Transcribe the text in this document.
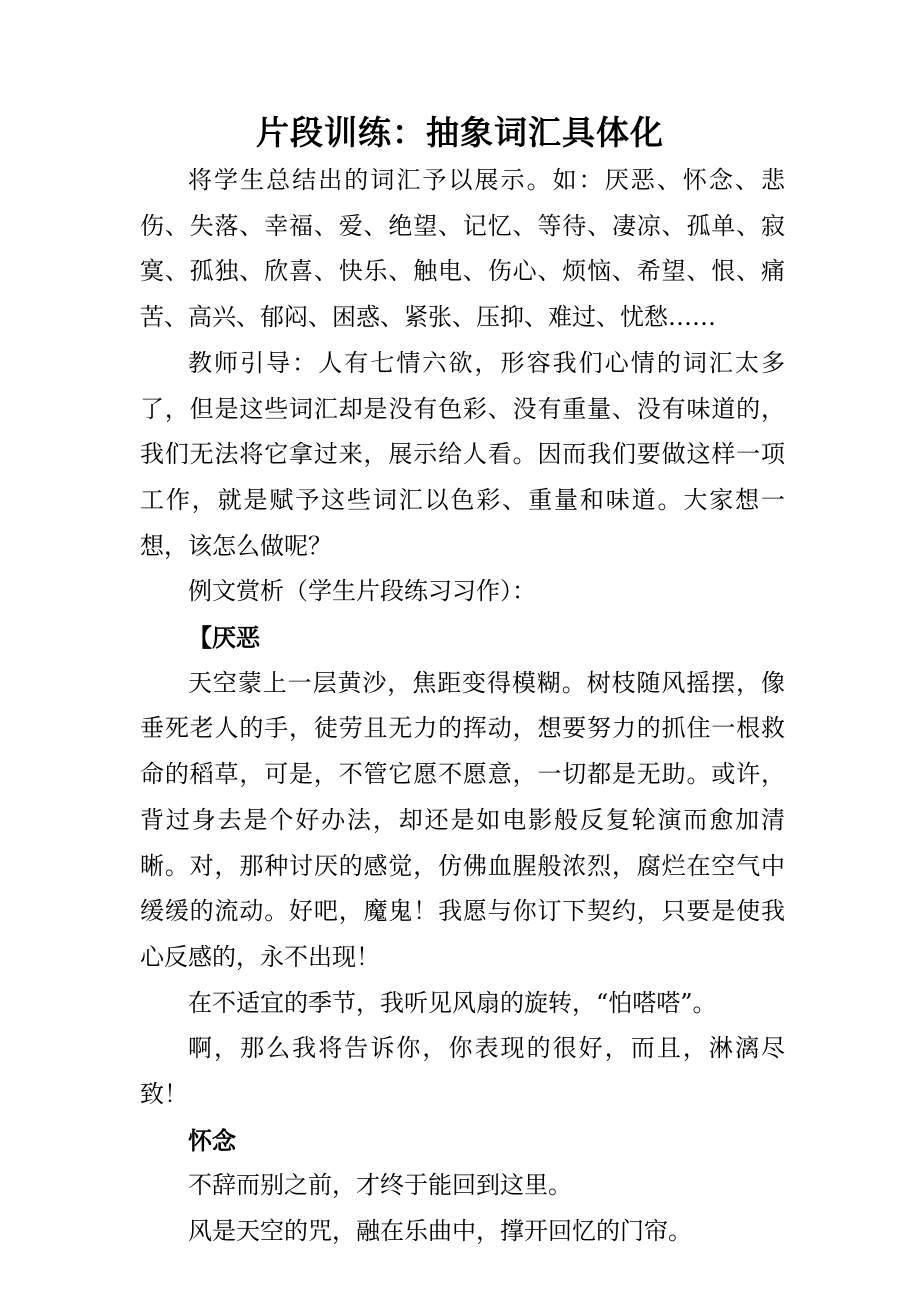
片段训练：抽象词汇具体化

将学生总结出的词汇予以展示。如：厌恶、怀念、悲伤、失落、幸福、爱、绝望、记忆、等待、凄凉、孤单、寂寞、孤独、欣喜、快乐、触电、伤心、烦恼、希望、恨、痛苦、高兴、郁闷、困惑、紧张、压抑、难过、忧愁……

教师引导：人有七情六欲，形容我们心情的词汇太多了，但是这些词汇却是没有色彩、没有重量、没有味道的，我们无法将它拿过来，展示给人看。因而我们要做这样一项工作，就是赋予这些词汇以色彩、重量和味道。大家想一想，该怎么做呢？

例文赏析（学生片段练习习作）：

【厌恶

天空蒙上一层黄沙，焦距变得模糊。树枝随风摇摆，像垂死老人的手，徒劳且无力的挥动，想要努力的抓住一根救命的稻草，可是，不管它愿不愿意，一切都是无助。或许，背过身去是个好办法，却还是如电影般反复轮演而愈加清晰。对，那种讨厌的感觉，仿佛血腥般浓烈，腐烂在空气中缓缓的流动。好吧，魔鬼！我愿与你订下契约，只要是使我心反感的，永不出现！

在不适宜的季节，我听见风扇的旋转，“怕嗒嗒”。

啊，那么我将告诉你，你表现的很好，而且，淋漓尽致！

怀念

不辞而别之前，才终于能回到这里。

风是天空的咒，融在乐曲中，撑开回忆的门帘。
